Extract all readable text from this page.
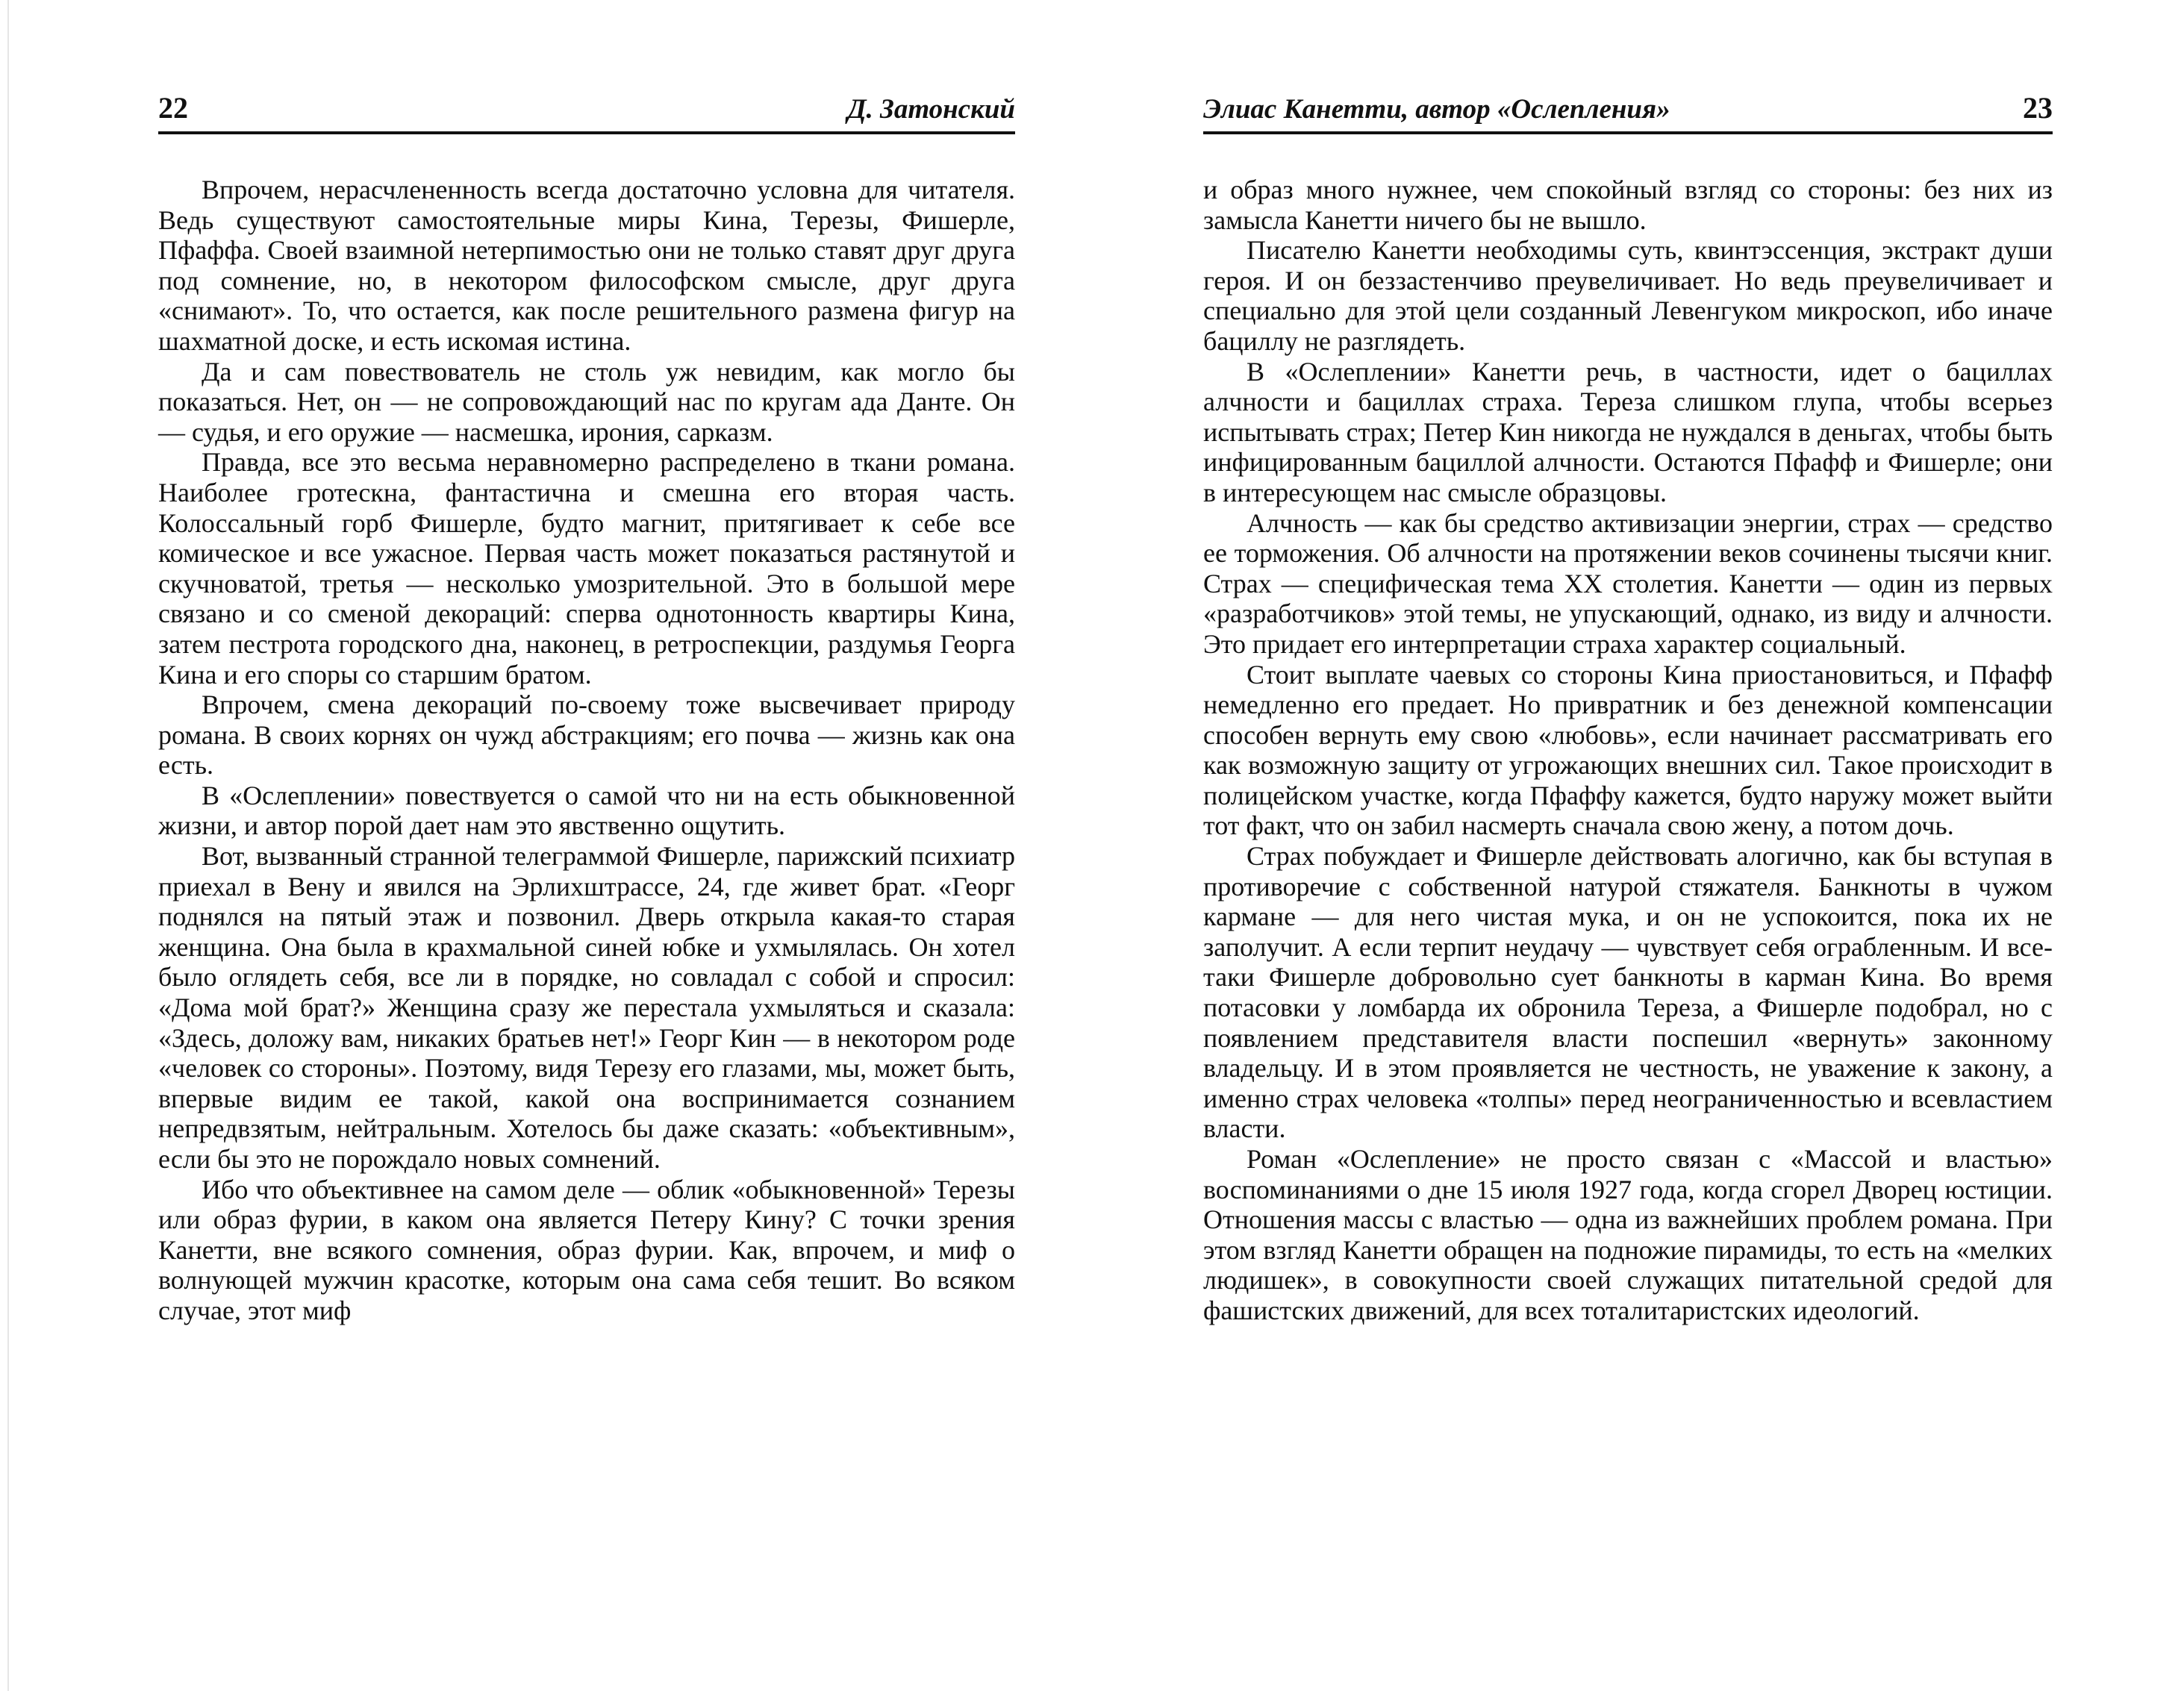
22	Д. Затонский

Впрочем, нерасчлененность всегда достаточно условна для читателя. Ведь существуют самостоятельные миры Кина, Терезы, Фишерле, Пфаффа. Своей взаимной нетерпимостью они не только ставят друг друга под сомнение, но, в некотором философском смысле, друг друга «снимают». То, что остается, как после решительного размена фигур на шахматной доске, и есть искомая истина.

Да и сам повествователь не столь уж невидим, как могло бы показаться. Нет, он — не сопровождающий нас по кругам ада Данте. Он — судья, и его оружие — насмешка, ирония, сарказм.

Правда, все это весьма неравномерно распределено в ткани романа. Наиболее гротескна, фантастична и смешна его вторая часть. Колоссальный горб Фишерле, будто магнит, притягивает к себе все комическое и все ужасное. Первая часть может показаться растянутой и скучноватой, третья — несколько умозрительной. Это в большой мере связано и со сменой декораций: сперва однотонность квартиры Кина, затем пестрота городского дна, наконец, в ретроспекции, раздумья Георга Кина и его споры со старшим братом.

Впрочем, смена декораций по-своему тоже высвечивает природу романа. В своих корнях он чужд абстракциям; его почва — жизнь как она есть.

В «Ослеплении» повествуется о самой что ни на есть обыкновенной жизни, и автор порой дает нам это явственно ощутить.

Вот, вызванный странной телеграммой Фишерле, парижский психиатр приехал в Вену и явился на Эрлихштрассе, 24, где живет брат. «Георг поднялся на пятый этаж и позвонил. Дверь открыла какая-то старая женщина. Она была в крахмальной синей юбке и ухмылялась. Он хотел было оглядеть себя, все ли в порядке, но совладал с собой и спросил: «Дома мой брат?» Женщина сразу же перестала ухмыляться и сказала: «Здесь, доложу вам, никаких братьев нет!» Георг Кин — в некотором роде «человек со стороны». Поэтому, видя Терезу его глазами, мы, может быть, впервые видим ее такой, какой она воспринимается сознанием непредвзятым, нейтральным. Хотелось бы даже сказать: «объективным», если бы это не порождало новых сомнений.

Ибо что объективнее на самом деле — облик «обыкновенной» Терезы или образ фурии, в каком она является Петеру Кину? С точки зрения Канетти, вне всякого сомнения, образ фурии. Как, впрочем, и миф о волнующей мужчин красотке, которым она сама себя тешит. Во всяком случае, этот миф

Элиас Канетти, автор «Ослепления»	23

и образ много нужнее, чем спокойный взгляд со стороны: без них из замысла Канетти ничего бы не вышло.

Писателю Канетти необходимы суть, квинтэссенция, экстракт души героя. И он беззастенчиво преувеличивает. Но ведь преувеличивает и специально для этой цели созданный Левенгуком микроскоп, ибо иначе бациллу не разглядеть.

В «Ослеплении» Канетти речь, в частности, идет о бациллах алчности и бациллах страха. Тереза слишком глупа, чтобы всерьез испытывать страх; Петер Кин никогда не нуждался в деньгах, чтобы быть инфицированным бациллой алчности. Остаются Пфафф и Фишерле; они в интересующем нас смысле образцовы.

Алчность — как бы средство активизации энергии, страх — средство ее торможения. Об алчности на протяжении веков сочинены тысячи книг. Страх — специфическая тема XX столетия. Канетти — один из первых «разработчиков» этой темы, не упускающий, однако, из виду и алчности. Это придает его интерпретации страха характер социальный.

Стоит выплате чаевых со стороны Кина приостановиться, и Пфафф немедленно его предает. Но привратник и без денежной компенсации способен вернуть ему свою «любовь», если начинает рассматривать его как возможную защиту от угрожающих внешних сил. Такое происходит в полицейском участке, когда Пфаффу кажется, будто наружу может выйти тот факт, что он забил насмерть сначала свою жену, а потом дочь.

Страх побуждает и Фишерле действовать алогично, как бы вступая в противоречие с собственной натурой стяжателя. Банкноты в чужом кармане — для него чистая мука, и он не успокоится, пока их не заполучит. А если терпит неудачу — чувствует себя ограбленным. И все-таки Фишерле добровольно сует банкноты в карман Кина. Во время потасовки у ломбарда их обронила Тереза, а Фишерле подобрал, но с появлением представителя власти поспешил «вернуть» законному владельцу. И в этом проявляется не честность, не уважение к закону, а именно страх человека «толпы» перед неограниченностью и всевластием власти.

Роман «Ослепление» не просто связан с «Массой и властью» воспоминаниями о дне 15 июля 1927 года, когда сгорел Дворец юстиции. Отношения массы с властью — одна из важнейших проблем романа. При этом взгляд Канетти обращен на подножие пирамиды, то есть на «мелких людишек», в совокупности своей служащих питательной средой для фашистских движений, для всех тоталитаристских идеологий.
